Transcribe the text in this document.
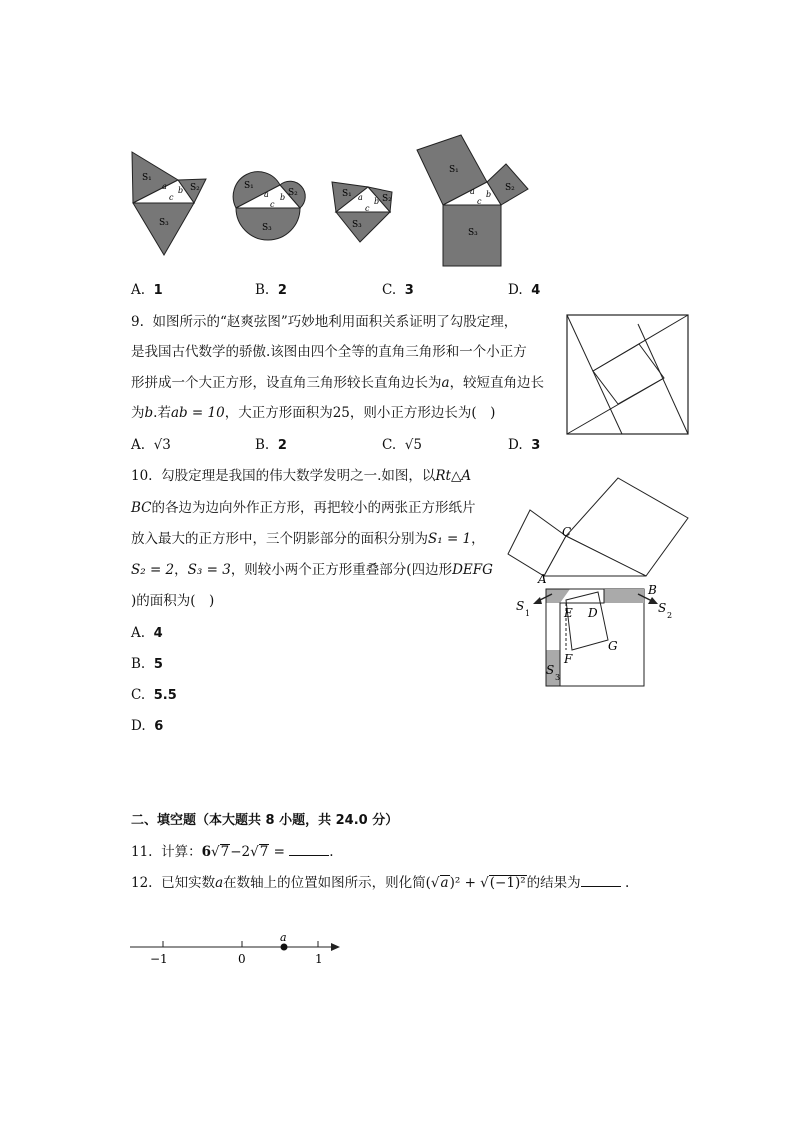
S₁
S₂
S₃
a b
c
S₁
S₂
S₃
a b
c
S₁	S₂
S₃
a b
c
S₁
S₂
S₃
a b
c
A. 1	B. 2	C. 3	D. 4
9. 如图所示的“赵爽弦图”巧妙地利用面积关系证明了勾股定理，
是我国古代数学的骄傲.该图由四个全等的直角三角形和一个小正方
形拼成一个大正方形，设直角三角形较长直角边长为a，较短直角边长
为b.若ab = 10，大正方形面积为25，则小正方形边长为(　)
A. √3	B. 2	C. √5	D. 3
10. 勾股定理是我国的伟大数学发明之一.如图，以Rt△A
BC的各边为边向外作正方形，再把较小的两张正方形纸片
放入最大的正方形中，三个阴影部分的面积分别为S₁ = 1，
S₂ = 2，S₃ = 3，则较小两个正方形重叠部分(四边形DEFG
)的面积为(　)
A. 4
B. 5
C. 5.5
D. 6
C
A
B
D
E
F
G
S
1	S
2
S
3
二、填空题（本大题共 8 小题，共 24.0 分）
11. 计算：6√7−2√7 =	.
12. 已知实数a在数轴上的位置如图所示，则化简(√a)² + √(−1)²的结果为	.
a
−1	0	1
